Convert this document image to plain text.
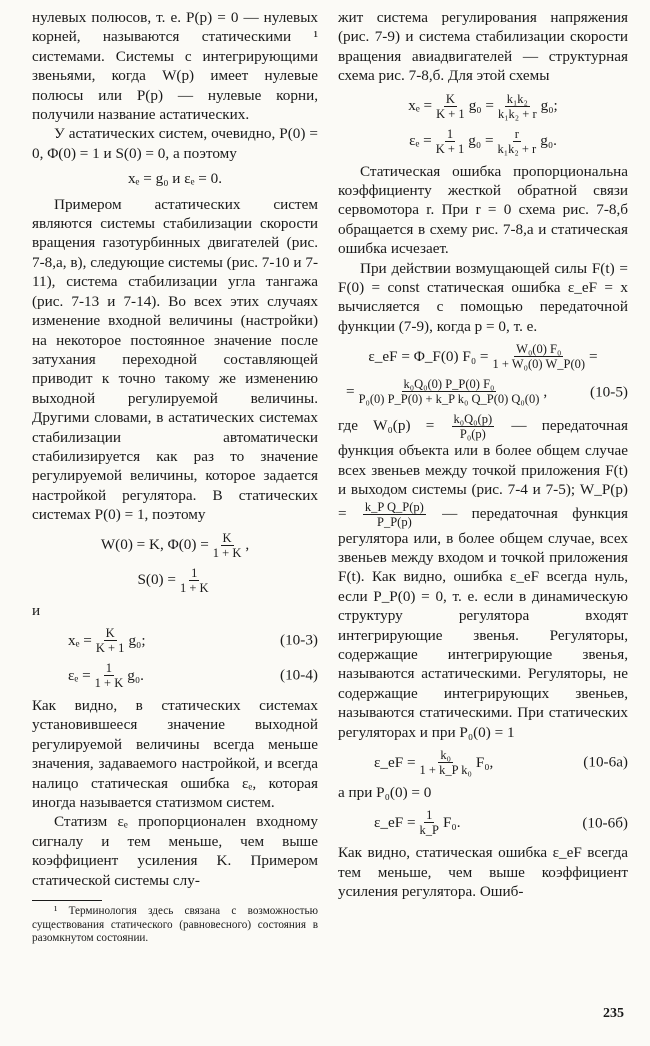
нулевых полюсов, т. е. P(p) = 0 — нулевых корней, называются статическими ¹ системами. Системы с интегрирующими звеньями, когда W(p) имеет нулевые полюсы или P(p) — нулевые корни, получили название астатических.

У астатических систем, очевидно, P(0) = 0, Φ(0) = 1 и S(0) = 0, а поэтому

xₑ = g₀ и εₑ = 0.

Примером астатических систем являются системы стабилизации скорости вращения газотурбинных двигателей (рис. 7-8,а, в), следующие системы (рис. 7-10 и 7-11), система стабилизации угла тангажа (рис. 7-13 и 7-14). Во всех этих случаях изменение входной величины (настройки) на некоторое постоянное значение после затухания переходной составляющей приводит к точно такому же изменению выходной регулируемой величины. Другими словами, в астатических системах стабилизации автоматически стабилизируется как раз то значение регулируемой величины, которое задается настройкой регулятора. В статических системах P(0) = 1, поэтому

W(0) = K, $\Phi(0) = \frac{K}{1 + K}$ ,
$S(0) = \frac{1}{1 + K}$

и

$x_e = \frac{K}{K + 1} g_0$;	(10-3)
$\varepsilon_e = \frac{1}{1 + K} g_0$.	(10-4)

Как видно, в статических системах установившееся значение выходной регулируемой величины всегда меньше значения, задаваемого настройкой, и всегда налицо статическая ошибка εₑ, которая иногда называется статизмом систем.

Статизм εₑ пропорционален входному сигналу и тем меньше, чем выше коэффициент усиления K. Примером статической системы слу-

¹ Терминология здесь связана с возможностью существования статического (равновесного) состояния в разомкнутом состоянии.

жит система регулирования напряжения (рис. 7-9) и система стабилизации скорости вращения авиадвигателей — структурная схема рис. 7-8,б. Для этой схемы

$x_e = \frac{K}{K + 1} g_0 = \frac{\text{k₁k₂}}{\text{k₁k₂ + r}} g_0$;
$\varepsilon_e = \frac{1}{K + 1} g_0 = \frac{r}{\text{k₁k₂ + r}} g_0$.

Статическая ошибка пропорциональна коэффициенту жесткой обратной связи сервомотора r. При r = 0 схема рис. 7-8,б обращается в схему рис. 7-8,а и статическая ошибка исчезает.

При действии возмущающей силы F(t) = F(0) = const статическая ошибка ε_eF = x вычисляется с помощью передаточной функции (7-9), когда p = 0, т. е.

ε_eF = Φ_F(0) $F_0 = \frac{\text{W₀(0) F₀}}{\text{1 + W₀(0) W\_P(0)}}$ =
= $\frac{\text{k₀Q₀(0) P\_P(0) F₀}}{\text{P₀(0) P\_P(0) + k\_P k₀ Q\_P(0) Q₀(0)}}$ ,	(10-5)

где $W_0(p) = \frac{\text{k₀Q₀(p)}}{\text{P₀(p)}}$ — передаточная функция объекта или в более общем случае всех звеньев между точкой приложения F(t) и выходом системы (рис. 7-4 и 7-5); W_P(p) = $\frac{\text{k\_P Q\_P(p)}}{P\_P(p)}$ — передаточная функция регулятора или, в более общем случае, всех звеньев между входом и точкой приложения F(t). Как видно, ошибка ε_eF всегда нуль, если P_P(0) = 0, т. е. если в динамическую структуру регулятора входят интегрирующие звенья. Регуляторы, содержащие интегрирующие звенья, называются астатическими. Регуляторы, не содержащие интегрирующих звеньев, называются статическими. При статических регуляторах и при P₀(0) = 1

ε_eF = $\frac{\text{k₀}}{\text{1 + k\_P k₀}} F_0$,	(10-6а)

а при P₀(0) = 0

ε_eF = $\frac{1}{k\_P} F_0$.	(10-6б)

Как видно, статическая ошибка ε_eF всегда тем меньше, чем выше коэффициент усиления регулятора. Ошиб-

235
